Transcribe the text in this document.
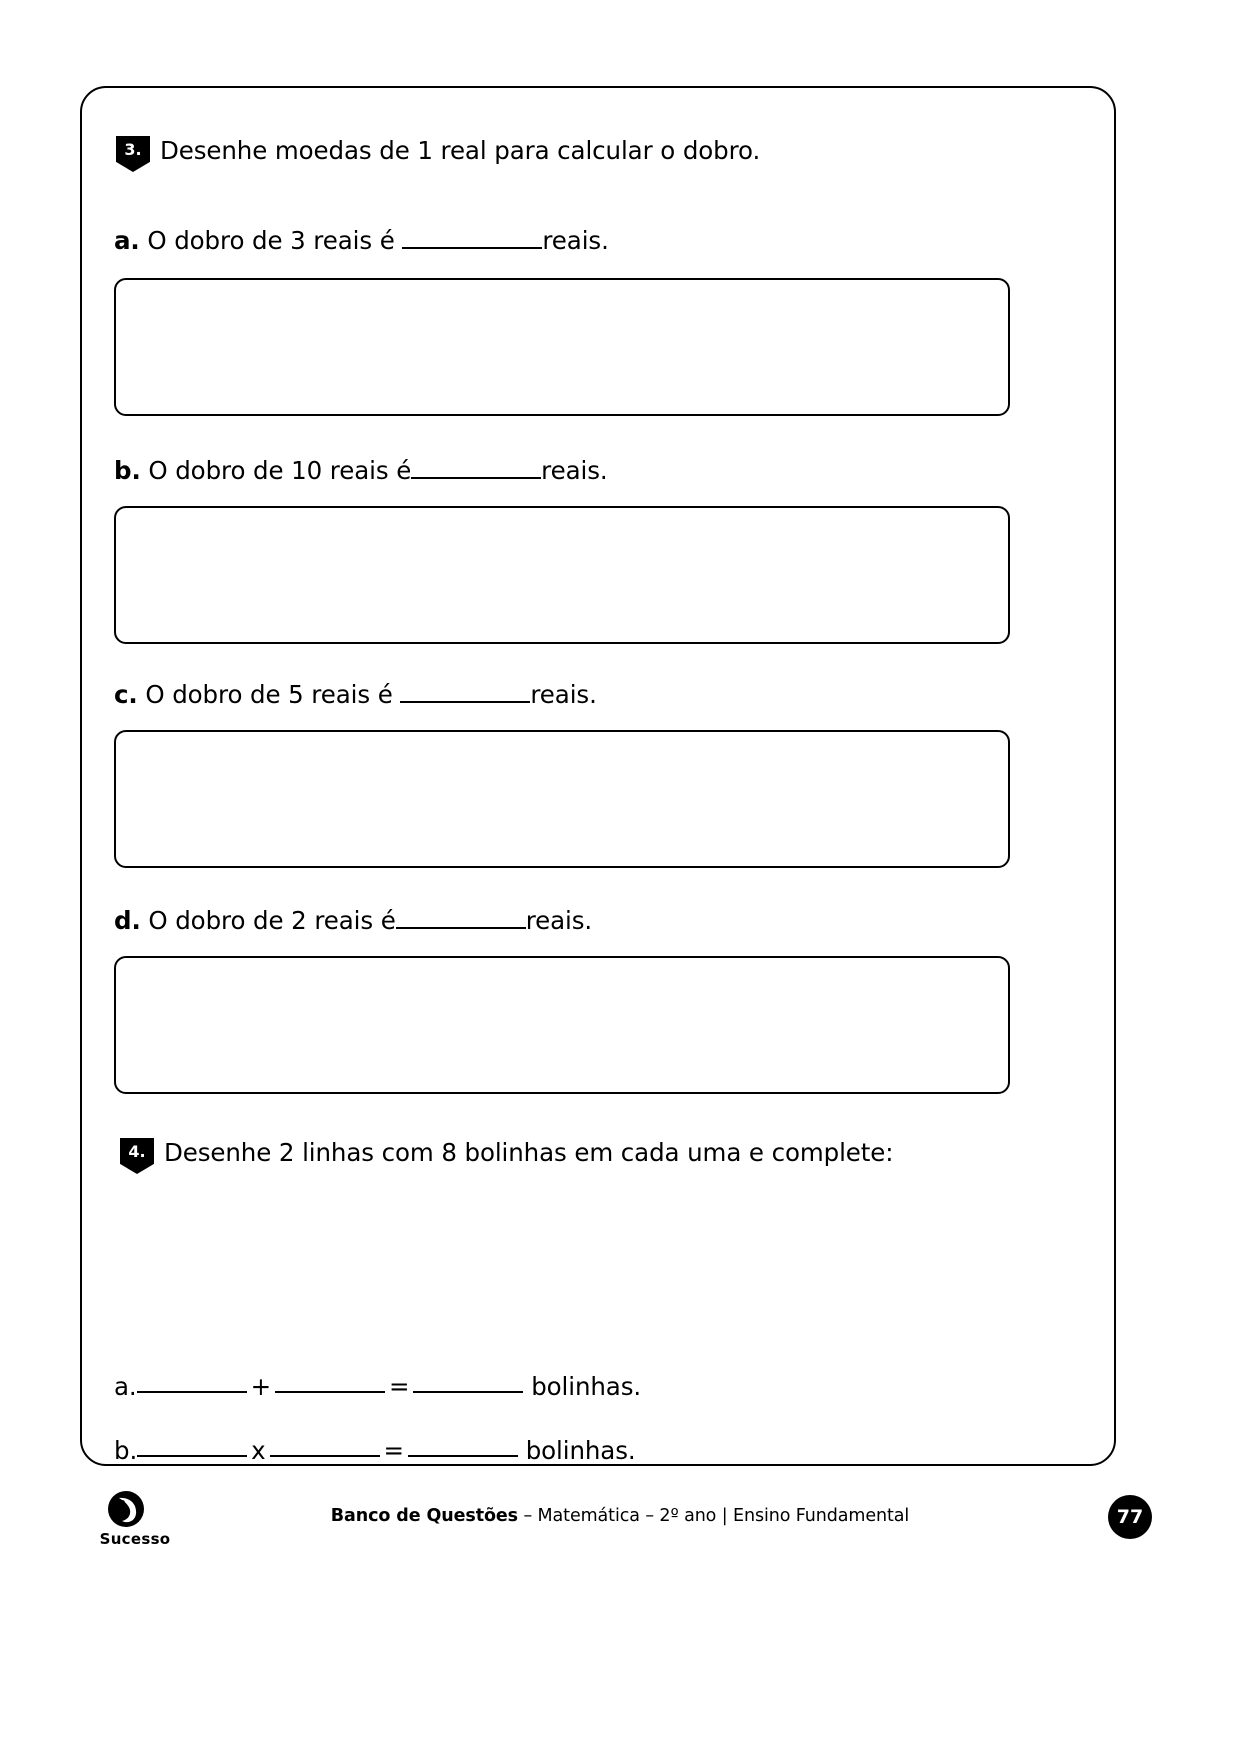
3. Desenhe moedas de 1 real para calcular o dobro.
a. O dobro de 3 reais é	reais.
b. O dobro de 10 reais é	reais.
c. O dobro de 5 reais é	reais.
d. O dobro de 2 reais é	reais.
4. Desenhe 2 linhas com 8 bolinhas em cada uma e complete:
a.	+	=	bolinhas.
b.	x	=	bolinhas.
Sucesso
Banco de Questões – Matemática – 2º ano | Ensino Fundamental	77
